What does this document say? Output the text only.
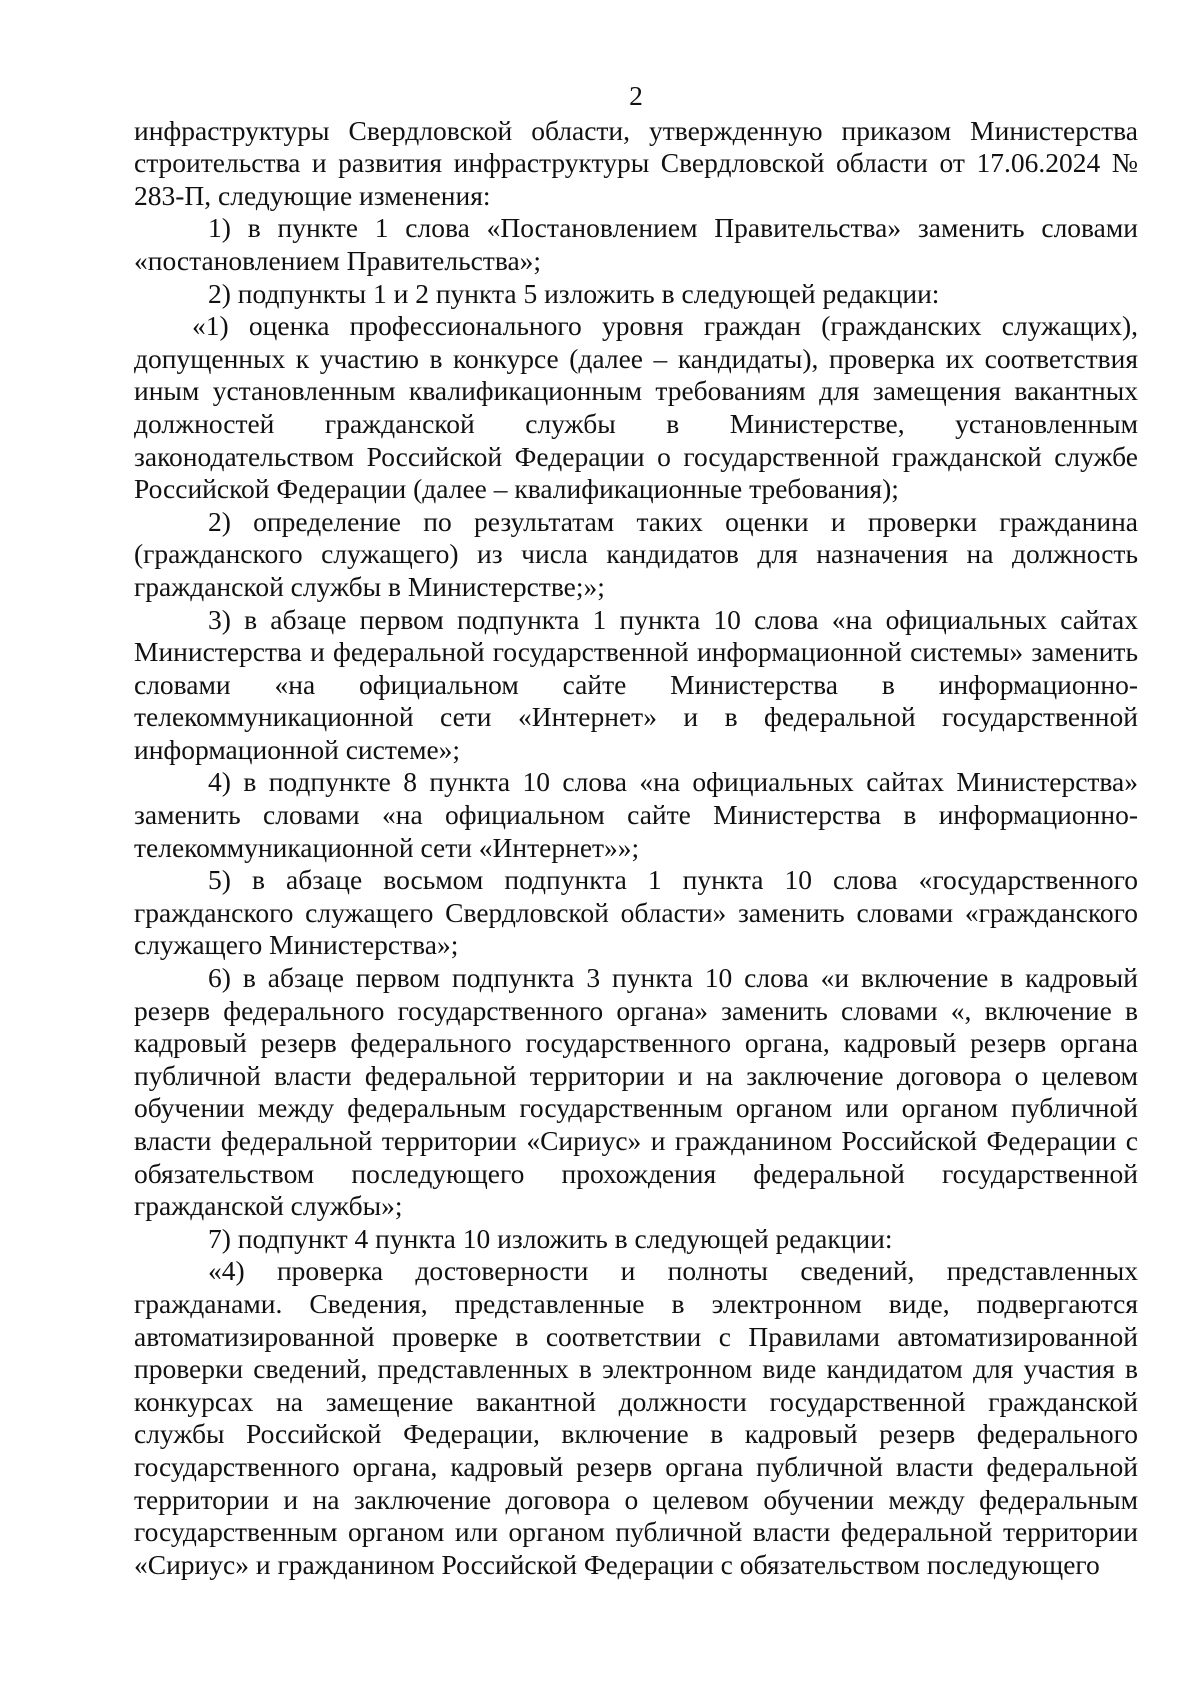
2

инфраструктуры Свердловской области, утвержденную приказом Министерства строительства и развития инфраструктуры Свердловской области от 17.06.2024 № 283-П, следующие изменения:

1) в пункте 1 слова «Постановлением Правительства» заменить словами «постановлением Правительства»;

2) подпункты 1 и 2 пункта 5 изложить в следующей редакции:

«1) оценка профессионального уровня граждан (гражданских служащих), допущенных к участию в конкурсе (далее – кандидаты), проверка их соответствия иным установленным квалификационным требованиям для замещения вакантных должностей гражданской службы в Министерстве, установленным законодательством Российской Федерации о государственной гражданской службе Российской Федерации (далее – квалификационные требования);

2) определение по результатам таких оценки и проверки гражданина (гражданского служащего) из числа кандидатов для назначения на должность гражданской службы в Министерстве;»;

3) в абзаце первом подпункта 1 пункта 10 слова «на официальных сайтах Министерства и федеральной государственной информационной системы» заменить словами «на официальном сайте Министерства в информационно-телекоммуникационной сети «Интернет» и в федеральной государственной информационной системе»;

4) в подпункте 8 пункта 10 слова «на официальных сайтах Министерства» заменить словами «на официальном сайте Министерства в информационно-телекоммуникационной сети «Интернет»»;

5) в абзаце восьмом подпункта 1 пункта 10 слова «государственного гражданского служащего Свердловской области» заменить словами «гражданского служащего Министерства»;

6) в абзаце первом подпункта 3 пункта 10 слова «и включение в кадровый резерв федерального государственного органа» заменить словами «, включение в кадровый резерв федерального государственного органа, кадровый резерв органа публичной власти федеральной территории и на заключение договора о целевом обучении между федеральным государственным органом или органом публичной власти федеральной территории «Сириус» и гражданином Российской Федерации с обязательством последующего прохождения федеральной государственной гражданской службы»;

7) подпункт 4 пункта 10 изложить в следующей редакции:

«4) проверка достоверности и полноты сведений, представленных гражданами. Сведения, представленные в электронном виде, подвергаются автоматизированной проверке в соответствии с Правилами автоматизированной проверки сведений, представленных в электронном виде кандидатом для участия в конкурсах на замещение вакантной должности государственной гражданской службы Российской Федерации, включение в кадровый резерв федерального государственного органа, кадровый резерв органа публичной власти федеральной территории и на заключение договора о целевом обучении между федеральным государственным органом или органом публичной власти федеральной территории «Сириус» и гражданином Российской Федерации с обязательством последующего
